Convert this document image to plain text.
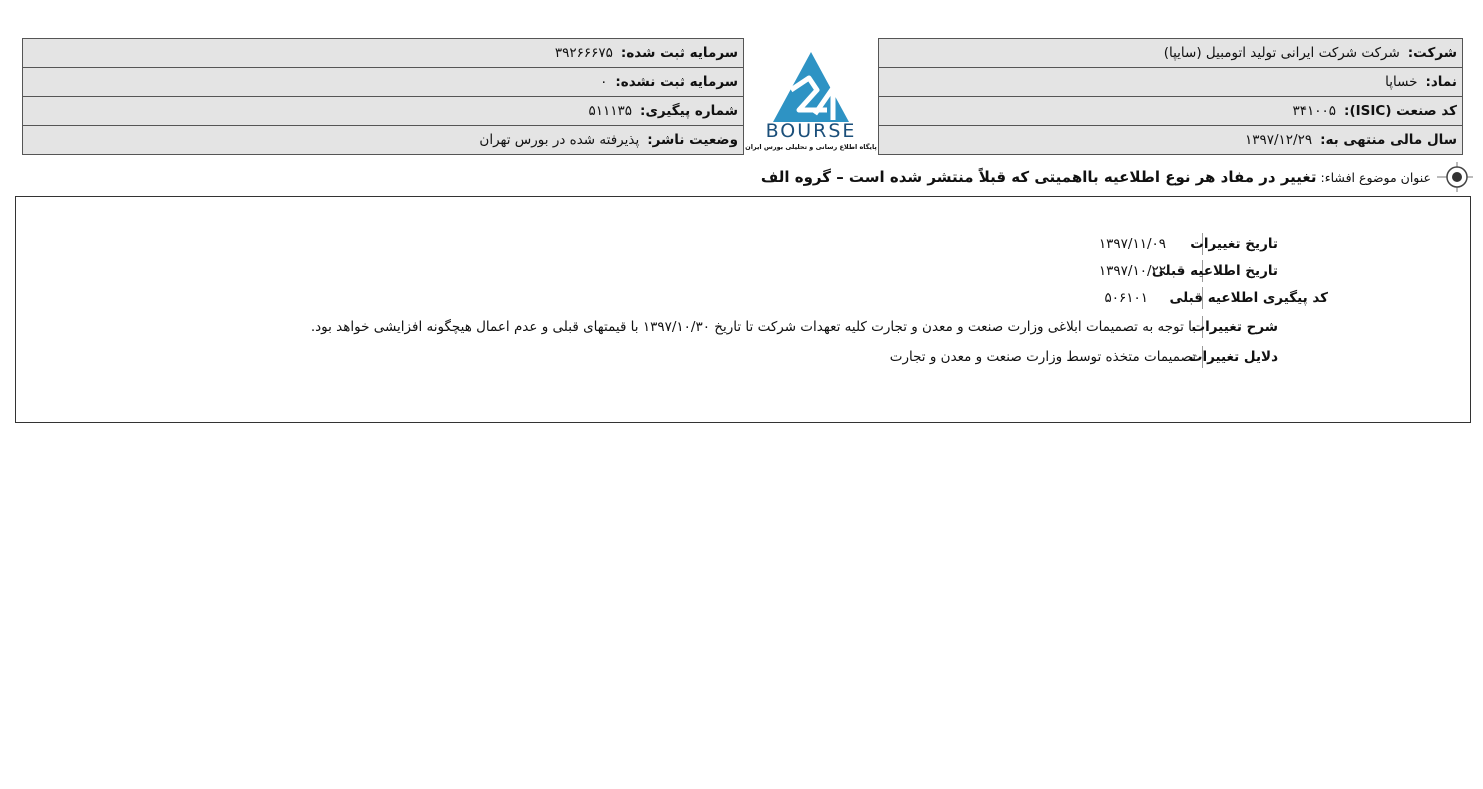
شرکت:
شرکت شرکت ایرانی تولید اتومبیل (سایپا)
نماد:
خساپا
کد صنعت (ISIC):
۳۴۱۰۰۵
سال مالی منتهی به:
۱۳۹۷/۱۲/۲۹
BOURSE
پایگاه اطلاع رسانی و تحلیلی بورس ایران
سرمایه ثبت شده:
۳۹۲۶۶۶۷۵
سرمایه ثبت نشده:
۰
شماره پیگیری:
۵۱۱۱۳۵
وضعیت ناشر:
پذیرفته شده در بورس تهران
عنوان موضوع افشاء:
تغییر در مفاد هر نوع اطلاعیه بااهمیتی که قبلاً منتشر شده است – گروه الف
تاریخ تغییرات
۱۳۹۷/۱۱/۰۹
تاریخ اطلاعیه قبلی
۱۳۹۷/۱۰/۲۲
کد پیگیری اطلاعیه قبلی
۵۰۶۱۰۱
شرح تغییرات
با توجه به تصمیمات ابلاغی وزارت صنعت و معدن و تجارت کلیه تعهدات شرکت تا تاریخ ۱۳۹۷/۱۰/۳۰ با قیمتهای قبلی و عدم اعمال هیچگونه افزایشی خواهد بود.
دلایل تغییرات
تصمیمات متخذه توسط وزارت صنعت و معدن و تجارت
